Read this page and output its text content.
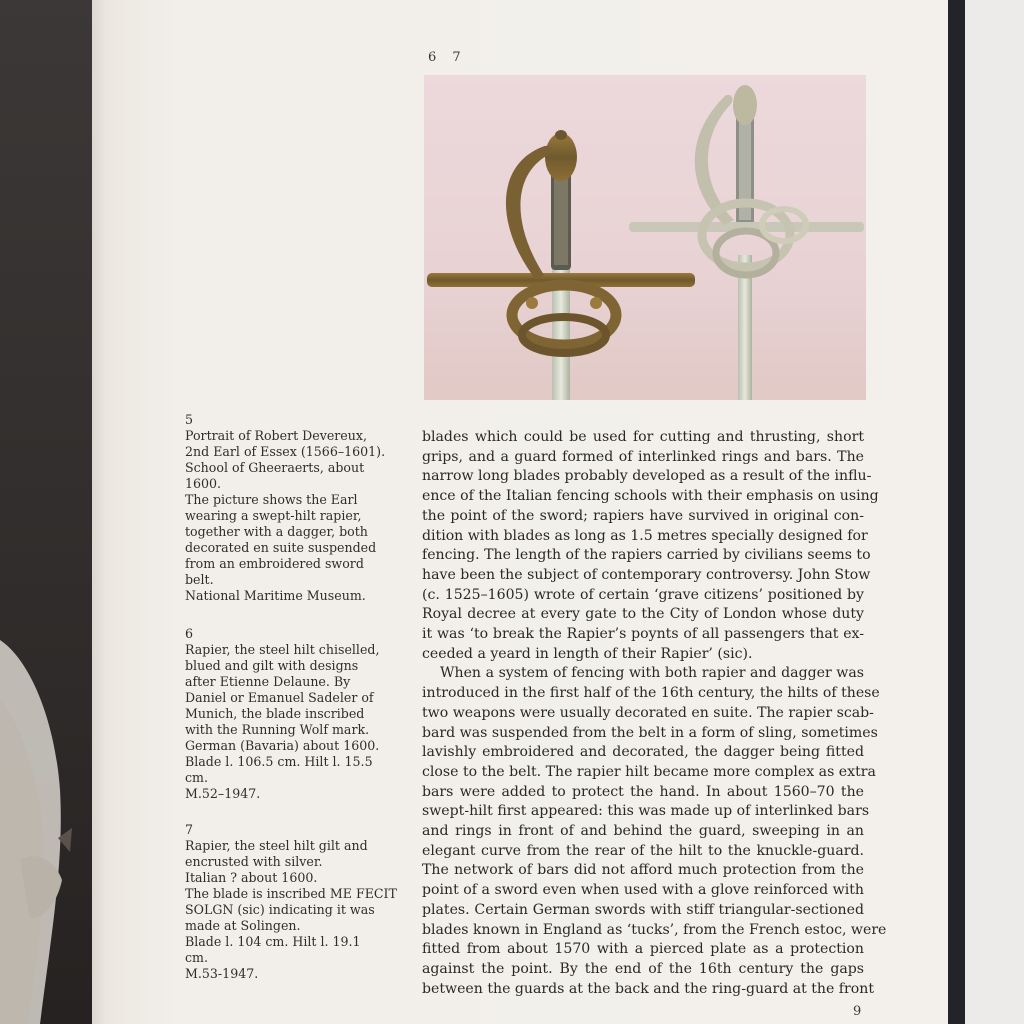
6 7
5
Portrait of Robert Devereux,
2nd Earl of Essex (1566–1601).
School of Gheeraerts, about
1600.
The picture shows the Earl
wearing a swept-hilt rapier,
together with a dagger, both
decorated en suite suspended
from an embroidered sword
belt.
National Maritime Museum.
6
Rapier, the steel hilt chiselled,
blued and gilt with designs
after Etienne Delaune. By
Daniel or Emanuel Sadeler of
Munich, the blade inscribed
with the Running Wolf mark.
German (Bavaria) about 1600.
Blade l. 106.5 cm. Hilt l. 15.5
cm.
M.52–1947.
7
Rapier, the steel hilt gilt and
encrusted with silver.
Italian ? about 1600.
The blade is inscribed ME FECIT
SOLGN (sic) indicating it was
made at Solingen.
Blade l. 104 cm. Hilt l. 19.1
cm.
M.53-1947.
blades which could be used for cutting and thrusting, short
grips, and a guard formed of interlinked rings and bars. The
narrow long blades probably developed as a result of the influ-
ence of the Italian fencing schools with their emphasis on using
the point of the sword; rapiers have survived in original con-
dition with blades as long as 1.5 metres specially designed for
fencing. The length of the rapiers carried by civilians seems to
have been the subject of contemporary controversy. John Stow
(c. 1525–1605) wrote of certain ‘grave citizens’ positioned by
Royal decree at every gate to the City of London whose duty
it was ‘to break the Rapier’s poynts of all passengers that ex-
ceeded a yeard in length of their Rapier’ (sic).
When a system of fencing with both rapier and dagger was
introduced in the first half of the 16th century, the hilts of these
two weapons were usually decorated en suite. The rapier scab-
bard was suspended from the belt in a form of sling, sometimes
lavishly embroidered and decorated, the dagger being fitted
close to the belt. The rapier hilt became more complex as extra
bars were added to protect the hand. In about 1560–70 the
swept-hilt first appeared: this was made up of interlinked bars
and rings in front of and behind the guard, sweeping in an
elegant curve from the rear of the hilt to the knuckle-guard.
The network of bars did not afford much protection from the
point of a sword even when used with a glove reinforced with
plates. Certain German swords with stiff triangular-sectioned
blades known in England as ‘tucks’, from the French estoc, were
fitted from about 1570 with a pierced plate as a protection
against the point. By the end of the 16th century the gaps
between the guards at the back and the ring-guard at the front
9
